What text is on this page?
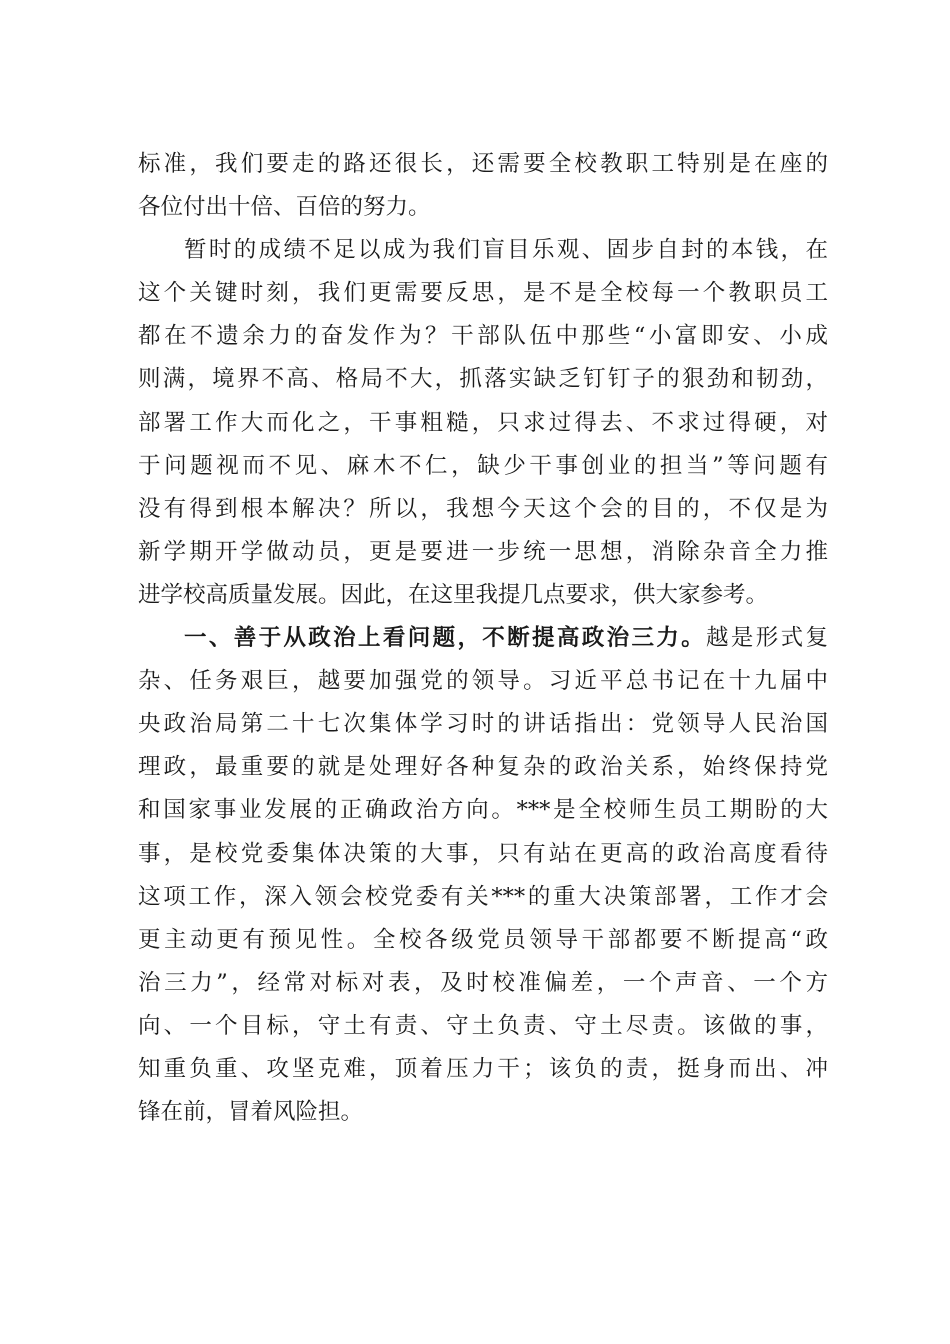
标准，我们要走的路还很长，还需要全校教职工特别是在座的
各位付出十倍、百倍的努力。
暂时的成绩不足以成为我们盲目乐观、固步自封的本钱，在
这个关键时刻，我们更需要反思，是不是全校每一个教职员工
都在不遗余力的奋发作为？干部队伍中那些“小富即安、小成
则满，境界不高、格局不大，抓落实缺乏钉钉子的狠劲和韧劲，
部署工作大而化之，干事粗糙，只求过得去、不求过得硬，对
于问题视而不见、麻木不仁，缺少干事创业的担当”等问题有
没有得到根本解决？所以，我想今天这个会的目的，不仅是为
新学期开学做动员，更是要进一步统一思想，消除杂音全力推
进学校高质量发展。因此，在这里我提几点要求，供大家参考。
一、善于从政治上看问题，不断提高政治三力。越是形式复
杂、任务艰巨，越要加强党的领导。习近平总书记在十九届中
央政治局第二十七次集体学习时的讲话指出：党领导人民治国
理政，最重要的就是处理好各种复杂的政治关系，始终保持党
和国家事业发展的正确政治方向。***是全校师生员工期盼的大
事，是校党委集体决策的大事，只有站在更高的政治高度看待
这项工作，深入领会校党委有关***的重大决策部署，工作才会
更主动更有预见性。全校各级党员领导干部都要不断提高“政
治三力”，经常对标对表，及时校准偏差，一个声音、一个方
向、一个目标，守土有责、守土负责、守土尽责。该做的事，
知重负重、攻坚克难，顶着压力干；该负的责，挺身而出、冲
锋在前，冒着风险担。
